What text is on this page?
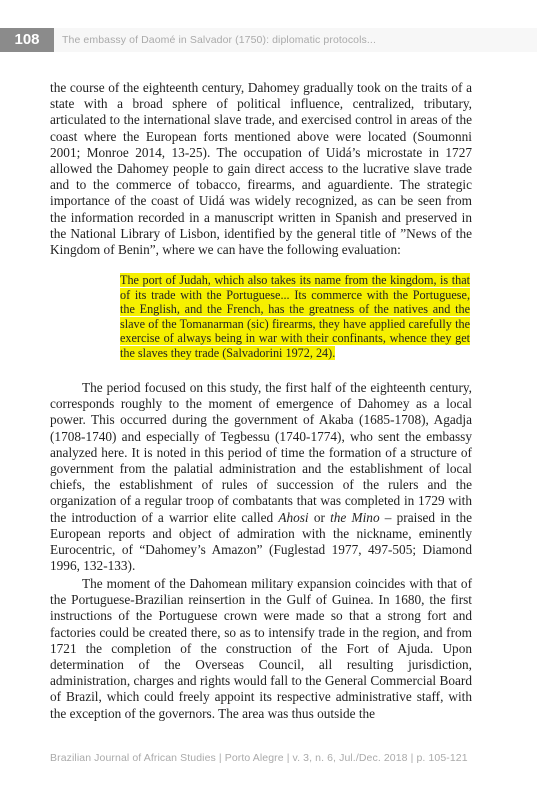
108	The embassy of Daomé in Salvador (1750): diplomatic protocols...

the course of the eighteenth century, Dahomey gradually took on the traits of a state with a broad sphere of political influence, centralized, tributary, articulated to the international slave trade, and exercised control in areas of the coast where the European forts mentioned above were located (Soumonni 2001; Monroe 2014, 13-25). The occupation of Uidá’s microstate in 1727 allowed the Dahomey people to gain direct access to the lucrative slave trade and to the commerce of tobacco, firearms, and aguardiente. The strategic importance of the coast of Uidá was widely recognized, as can be seen from the information recorded in a manuscript written in Spanish and preserved in the National Library of Lisbon, identified by the general title of ”News of the Kingdom of Benin”, where we can have the following evaluation:

The port of Judah, which also takes its name from the kingdom, is that of its trade with the Portuguese... Its commerce with the Portuguese, the English, and the French, has the greatness of the natives and the slave of the Tomanarman (sic) firearms, they have applied carefully the exercise of always being in war with their confinants, whence they get the slaves they trade (Salvadorini 1972, 24).

The period focused on this study, the first half of the eighteenth century, corresponds roughly to the moment of emergence of Dahomey as a local power. This occurred during the government of Akaba (1685-1708), Agadja (1708-1740) and especially of Tegbessu (1740-1774), who sent the embassy analyzed here. It is noted in this period of time the formation of a structure of government from the palatial administration and the establishment of local chiefs, the establishment of rules of succession of the rulers and the organization of a regular troop of combatants that was completed in 1729 with the introduction of a warrior elite called Ahosi or the Mino – praised in the European reports and object of admiration with the nickname, eminently Eurocentric, of “Dahomey’s Amazon” (Fuglestad 1977, 497-505; Diamond 1996, 132-133).

The moment of the Dahomean military expansion coincides with that of the Portuguese-Brazilian reinsertion in the Gulf of Guinea. In 1680, the first instructions of the Portuguese crown were made so that a strong fort and factories could be created there, so as to intensify trade in the region, and from 1721 the completion of the construction of the Fort of Ajuda. Upon determination of the Overseas Council, all resulting jurisdiction, administration, charges and rights would fall to the General Commercial Board of Brazil, which could freely appoint its respective administrative staff, with the exception of the governors. The area was thus outside the

Brazilian Journal of African Studies | Porto Alegre | v. 3, n. 6, Jul./Dec. 2018 | p. 105-121
